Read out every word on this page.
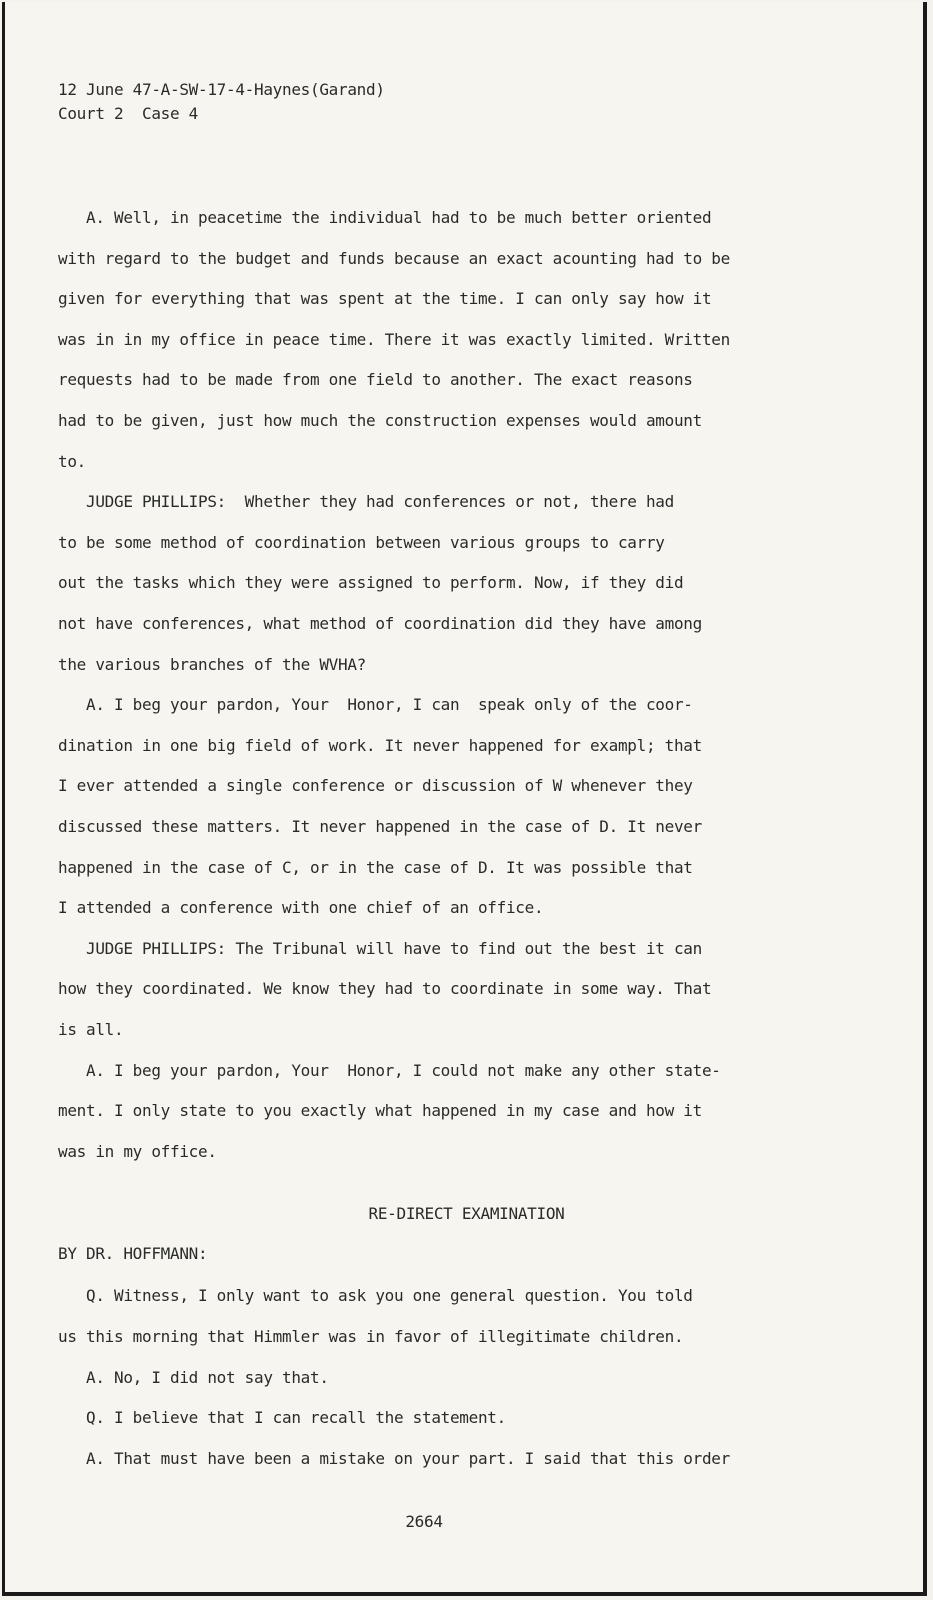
12 June 47-A-SW-17-4-Haynes(Garand)
Court 2  Case 4
A. Well, in peacetime the individual had to be much better oriented
with regard to the budget and funds because an exact acounting had to be
given for everything that was spent at the time. I can only say how it
was in in my office in peace time. There it was exactly limited. Written
requests had to be made from one field to another. The exact reasons
had to be given, just how much the construction expenses would amount
to.
JUDGE PHILLIPS:  Whether they had conferences or not, there had
to be some method of coordination between various groups to carry
out the tasks which they were assigned to perform. Now, if they did
not have conferences, what method of coordination did they have among
the various branches of the WVHA?
A. I beg your pardon, Your  Honor, I can  speak only of the coor-
dination in one big field of work. It never happened for exampl; that
I ever attended a single conference or discussion of W whenever they
discussed these matters. It never happened in the case of D. It never
happened in the case of C, or in the case of D. It was possible that
I attended a conference with one chief of an office.
JUDGE PHILLIPS: The Tribunal will have to find out the best it can
how they coordinated. We know they had to coordinate in some way. That
is all.
A. I beg your pardon, Your  Honor, I could not make any other state-
ment. I only state to you exactly what happened in my case and how it
was in my office.
RE-DIRECT EXAMINATION
BY DR. HOFFMANN:
Q. Witness, I only want to ask you one general question. You told
us this morning that Himmler was in favor of illegitimate children.
A. No, I did not say that.
Q. I believe that I can recall the statement.
A. That must have been a mistake on your part. I said that this order
2664
